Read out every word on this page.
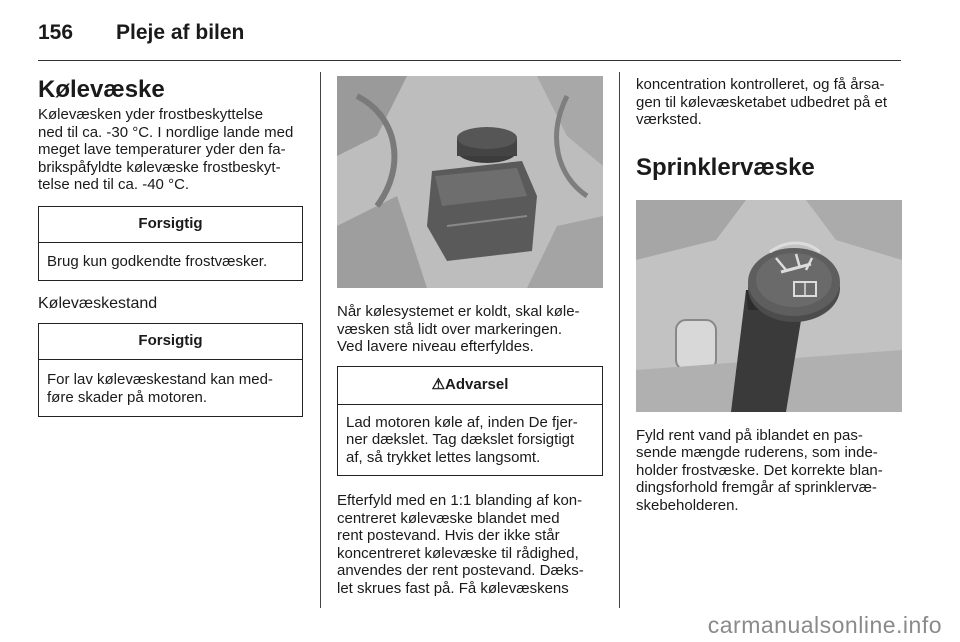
156	Pleje af bilen
Kølevæske
Kølevæsken yder frostbeskyttelse
ned til ca. -30 °C. I nordlige lande med
meget lave temperaturer yder den fa-
brikspåfyldte kølevæske frostbeskyt-
telse ned til ca. -40 °C.
Forsigtig
Brug kun godkendte frostvæsker.
Kølevæskestand
Forsigtig
For lav kølevæskestand kan med-
føre skader på motoren.
Når kølesystemet er koldt, skal køle-
væsken stå lidt over markeringen.
Ved lavere niveau efterfyldes.
⚠Advarsel
Lad motoren køle af, inden De fjer-
ner dækslet. Tag dækslet forsigtigt
af, så trykket lettes langsomt.
Efterfyld med en 1:1 blanding af kon-
centreret kølevæske blandet med
rent postevand. Hvis der ikke står
koncentreret kølevæske til rådighed,
anvendes der rent postevand. Dæks-
let skrues fast på. Få kølevæskens
koncentration kontrolleret, og få årsa-
gen til kølevæsketabet udbedret på et
værksted.
Sprinklervæske
Fyld rent vand på iblandet en pas-
sende mængde ruderens, som inde-
holder frostvæske. Det korrekte blan-
dingsforhold fremgår af sprinklervæ-
skebeholderen.
carmanualsonline.info
